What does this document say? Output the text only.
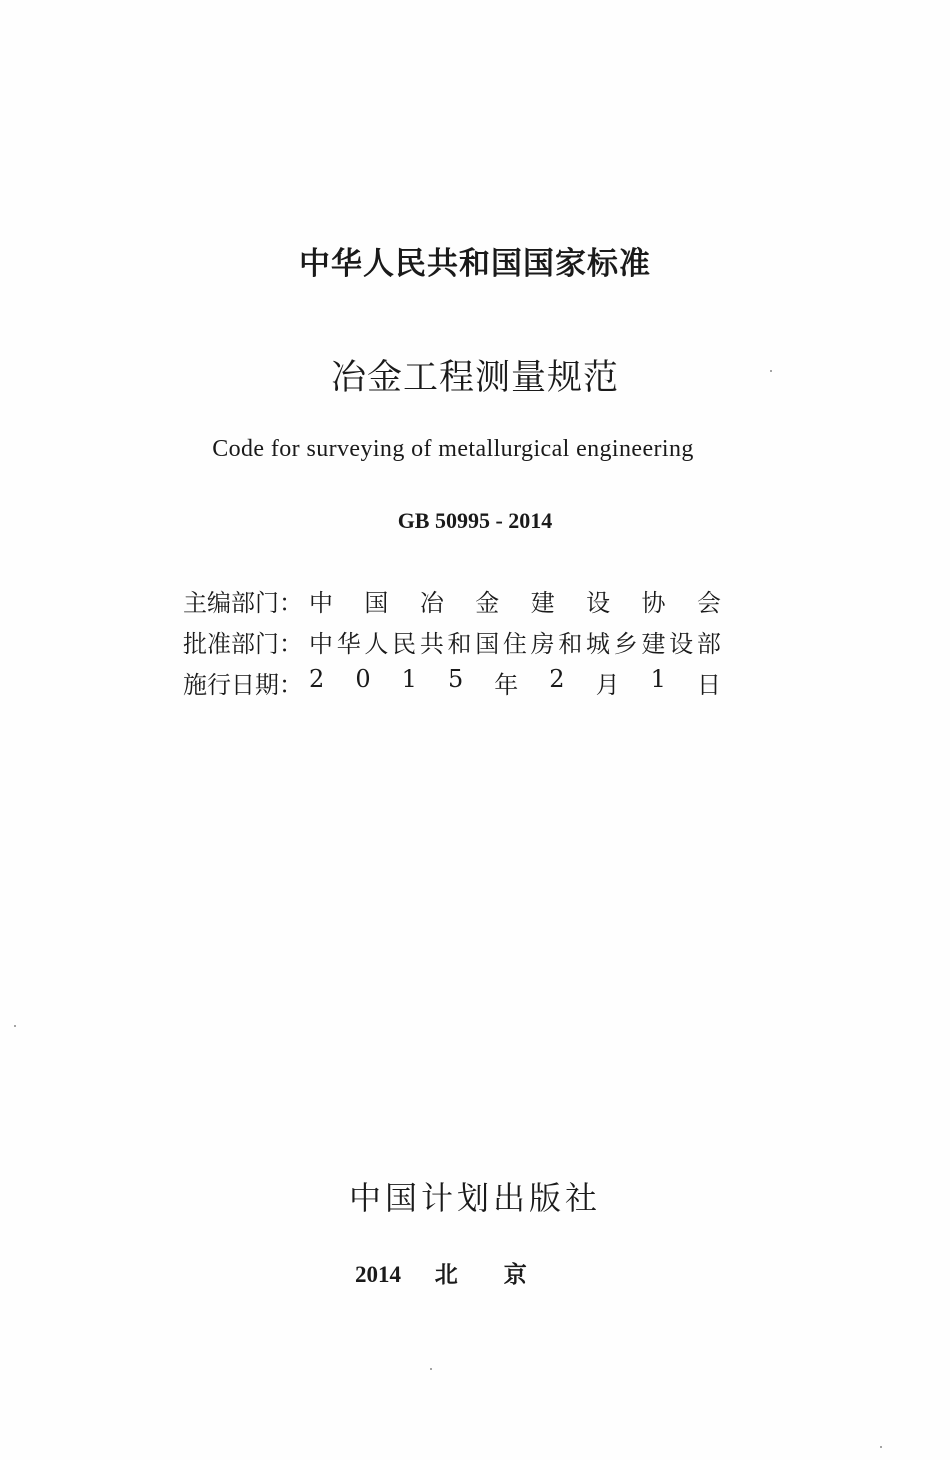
中华人民共和国国家标准
冶金工程测量规范
Code for surveying of metallurgical engineering
GB 50995 - 2014
主编部门： 中 国 冶 金 建 设 协 会
批准部门： 中 华 人 民 共 和 国 住 房 和 城 乡 建 设 部
施行日期： 2 0 1 5 年 2 月 1 日
中国计划出版社
2014 北 京
